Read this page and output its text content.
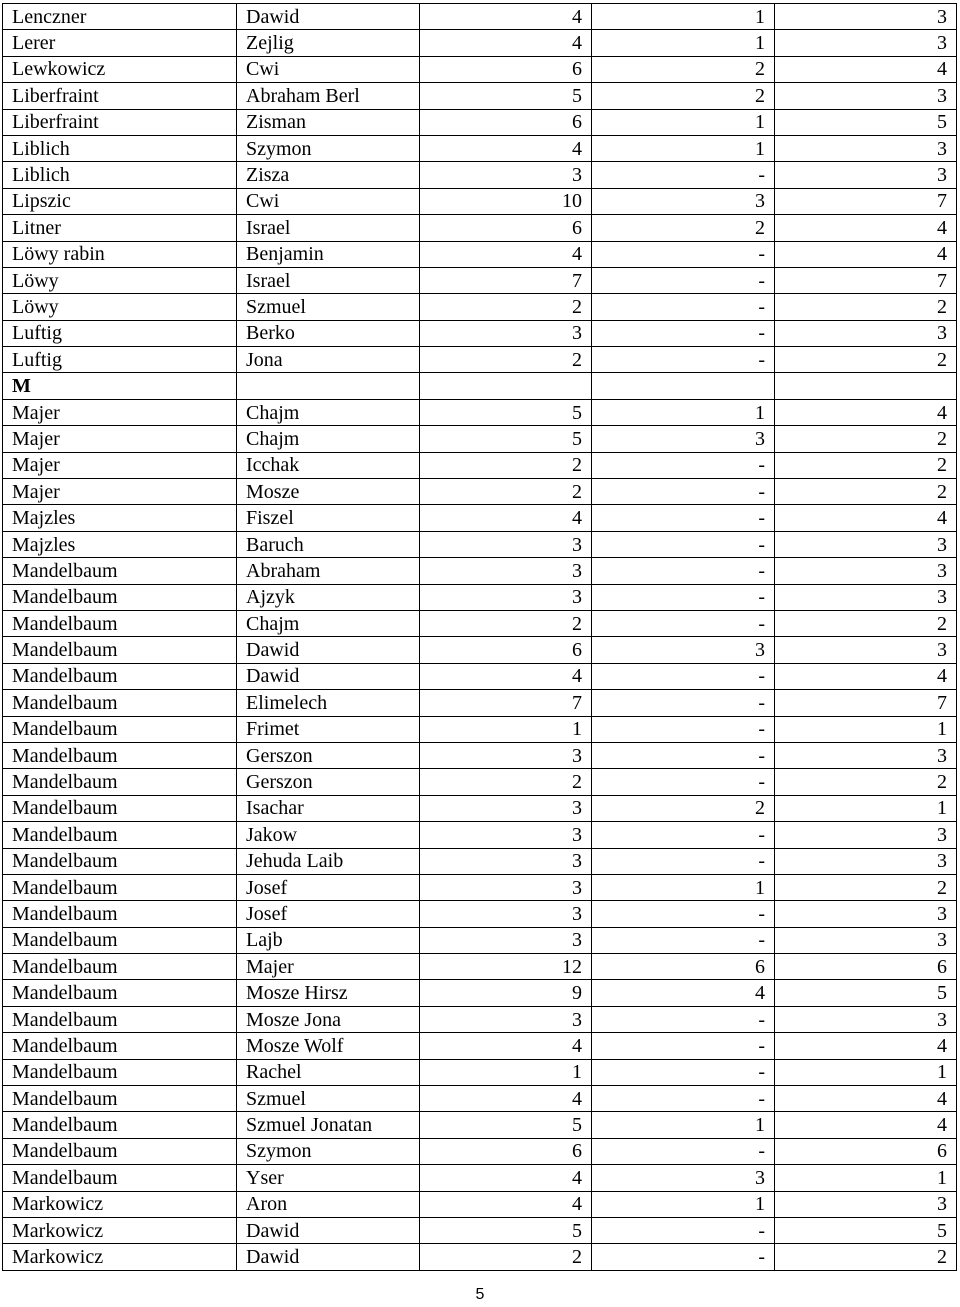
Lenczner	Dawid	4	1	3
Lerer	Zejlig	4	1	3
Lewkowicz	Cwi	6	2	4
Liberfraint	Abraham Berl	5	2	3
Liberfraint	Zisman	6	1	5
Liblich	Szymon	4	1	3
Liblich	Zisza	3	-	3
Lipszic	Cwi	10	3	7
Litner	Israel	6	2	4
Löwy rabin	Benjamin	4	-	4
Löwy	Israel	7	-	7
Löwy	Szmuel	2	-	2
Luftig	Berko	3	-	3
Luftig	Jona	2	-	2
M				
Majer	Chajm	5	1	4
Majer	Chajm	5	3	2
Majer	Icchak	2	-	2
Majer	Mosze	2	-	2
Majzles	Fiszel	4	-	4
Majzles	Baruch	3	-	3
Mandelbaum	Abraham	3	-	3
Mandelbaum	Ajzyk	3	-	3
Mandelbaum	Chajm	2	-	2
Mandelbaum	Dawid	6	3	3
Mandelbaum	Dawid	4	-	4
Mandelbaum	Elimelech	7	-	7
Mandelbaum	Frimet	1	-	1
Mandelbaum	Gerszon	3	-	3
Mandelbaum	Gerszon	2	-	2
Mandelbaum	Isachar	3	2	1
Mandelbaum	Jakow	3	-	3
Mandelbaum	Jehuda Laib	3	-	3
Mandelbaum	Josef	3	1	2
Mandelbaum	Josef	3	-	3
Mandelbaum	Lajb	3	-	3
Mandelbaum	Majer	12	6	6
Mandelbaum	Mosze Hirsz	9	4	5
Mandelbaum	Mosze Jona	3	-	3
Mandelbaum	Mosze Wolf	4	-	4
Mandelbaum	Rachel	1	-	1
Mandelbaum	Szmuel	4	-	4
Mandelbaum	Szmuel Jonatan	5	1	4
Mandelbaum	Szymon	6	-	6
Mandelbaum	Yser	4	3	1
Markowicz	Aron	4	1	3
Markowicz	Dawid	5	-	5
Markowicz	Dawid	2	-	2
5
